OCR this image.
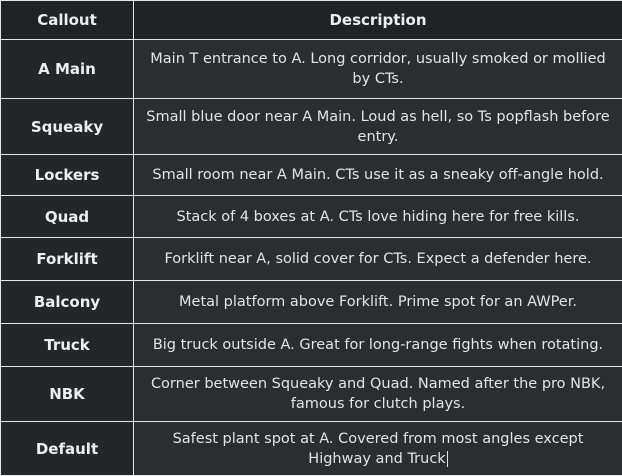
Callout	Description
A Main	Main T entrance to A. Long corridor, usually smoked or mollied by CTs.
Squeaky	Small blue door near A Main. Loud as hell, so Ts popflash before entry.
Lockers	Small room near A Main. CTs use it as a sneaky off-angle hold.
Quad	Stack of 4 boxes at A. CTs love hiding here for free kills.
Forklift	Forklift near A, solid cover for CTs. Expect a defender here.
Balcony	Metal platform above Forklift. Prime spot for an AWPer.
Truck	Big truck outside A. Great for long-range fights when rotating.
NBK	Corner between Squeaky and Quad. Named after the pro NBK, famous for clutch plays.
Default	Safest plant spot at A. Covered from most angles except Highway and Truck
